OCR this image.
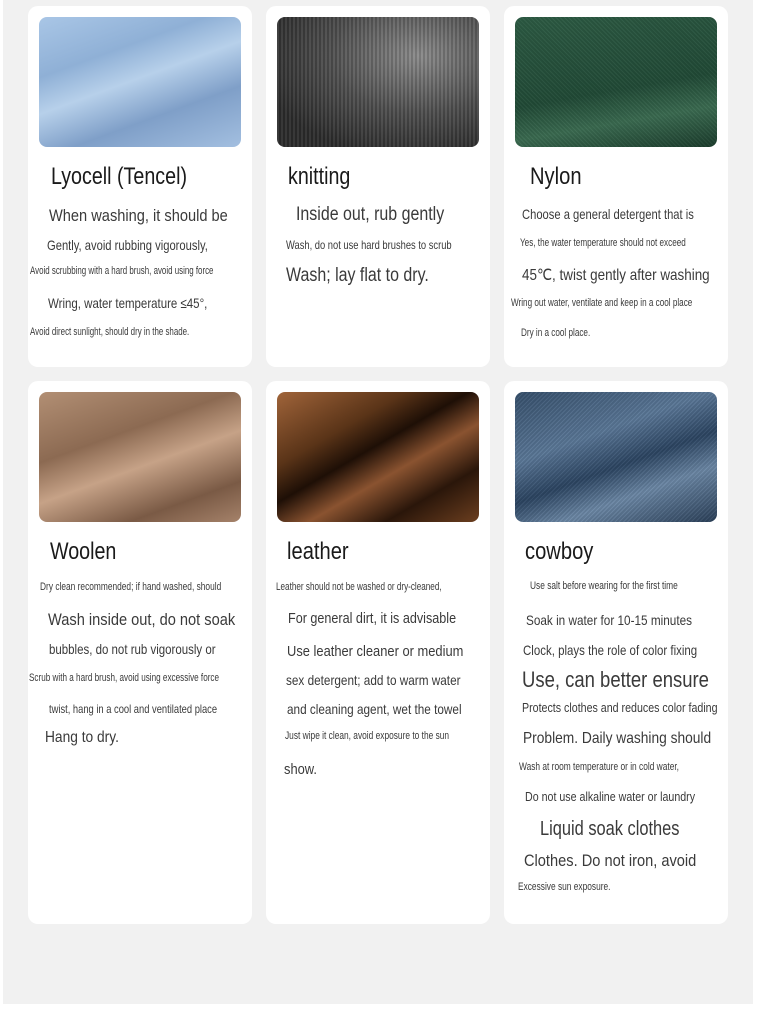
Lyocell (Tencel)
When washing, it should be
Gently, avoid rubbing vigorously,
Avoid scrubbing with a hard brush, avoid using force
Wring, water temperature ≤45°,
Avoid direct sunlight, should dry in the shade.
knitting
Inside out, rub gently
Wash, do not use hard brushes to scrub
Wash; lay flat to dry.
Nylon
Choose a general detergent that is
Yes, the water temperature should not exceed
45℃, twist gently after washing
Wring out water, ventilate and keep in a cool place
Dry in a cool place.
Woolen
Dry clean recommended; if hand washed, should
Wash inside out, do not soak
bubbles, do not rub vigorously or
Scrub with a hard brush, avoid using excessive force
twist, hang in a cool and ventilated place
Hang to dry.
leather
Leather should not be washed or dry-cleaned,
For general dirt, it is advisable
Use leather cleaner or medium
sex detergent; add to warm water
and cleaning agent, wet the towel
Just wipe it clean, avoid exposure to the sun
show.
cowboy
Use salt before wearing for the first time
Soak in water for 10-15 minutes
Clock, plays the role of color fixing
Use, can better ensure
Protects clothes and reduces color fading
Problem. Daily washing should
Wash at room temperature or in cold water,
Do not use alkaline water or laundry
Liquid soak clothes
Clothes. Do not iron, avoid
Excessive sun exposure.
